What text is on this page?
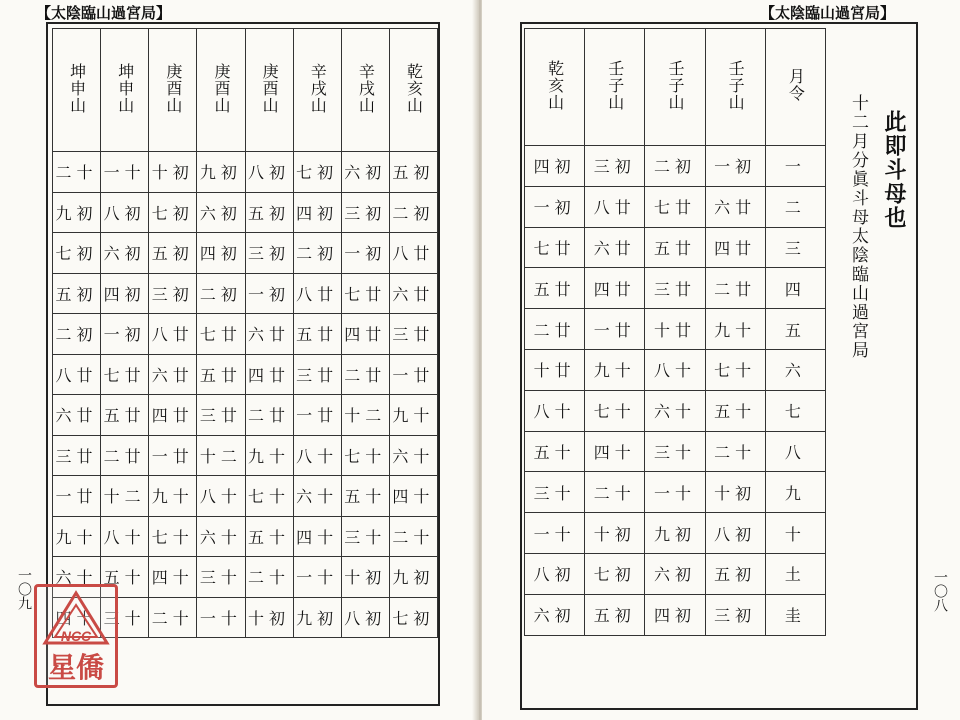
【太陰臨山過宮局】
坤申山	坤申山	庚酉山	庚酉山	庚酉山	辛戌山	辛戌山	乾亥山
二十	一十	十初	九初	八初	七初	六初	五初
九初	八初	七初	六初	五初	四初	三初	二初
七初	六初	五初	四初	三初	二初	一初	八廿
五初	四初	三初	二初	一初	八廿	七廿	六廿
二初	一初	八廿	七廿	六廿	五廿	四廿	三廿
八廿	七廿	六廿	五廿	四廿	三廿	二廿	一廿
六廿	五廿	四廿	三廿	二廿	一廿	十二	九十
三廿	二廿	一廿	十二	九十	八十	七十	六十
一廿	十二	九十	八十	七十	六十	五十	四十
九十	八十	七十	六十	五十	四十	三十	二十
六十	五十	四十	三十	二十	一十	十初	九初
四十	三十	二十	一十	十初	九初	八初	七初
一〇九
NCC
星僑
【太陰臨山過宮局】
乾亥山	壬子山	壬子山	壬子山	月令
四初	三初	二初	一初	一
一初	八廿	七廿	六廿	二
七廿	六廿	五廿	四廿	三
五廿	四廿	三廿	二廿	四
二廿	一廿	十廿	九十	五
十廿	九十	八十	七十	六
八十	七十	六十	五十	七
五十	四十	三十	二十	八
三十	二十	一十	十初	九
一十	十初	九初	八初	十
八初	七初	六初	五初	土
六初	五初	四初	三初	圭
此即斗母也
十二月分眞斗母太陰臨山過宮局
一〇八
